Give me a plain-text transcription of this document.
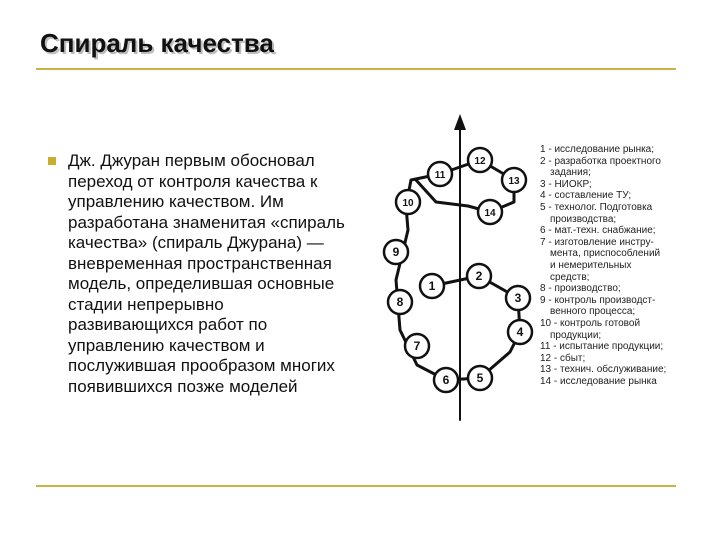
Спираль качества
Дж. Джуран первым обосновал переход от контроля качества к управлению качеством. Им разработана знаменитая «спираль качества» (спираль Джурана) — вневременная пространственная модель, определившая основные стадии непрерывно развивающихся работ по управлению качеством и послужившая прообразом многих появившихся позже моделей
1
2
3
4
5
6
7
8
9
10
11
12
13
14
1 - исследование рынка;
2 - разработка проектного
задания;
3 - НИОКР;
4 - составление ТУ;
5 - технолог. Подготовка
производства;
6 - мат.-техн. снабжание;
7 - изготовление инстру-
мента, приспособлений
и немерительных
средств;
8 - производство;
9 - контроль производст-
венного процесса;
10 - контроль готовой
продукции;
11 - испытание продукции;
12 - сбыт;
13 - технич. обслуживание;
14 - исследование рынка
